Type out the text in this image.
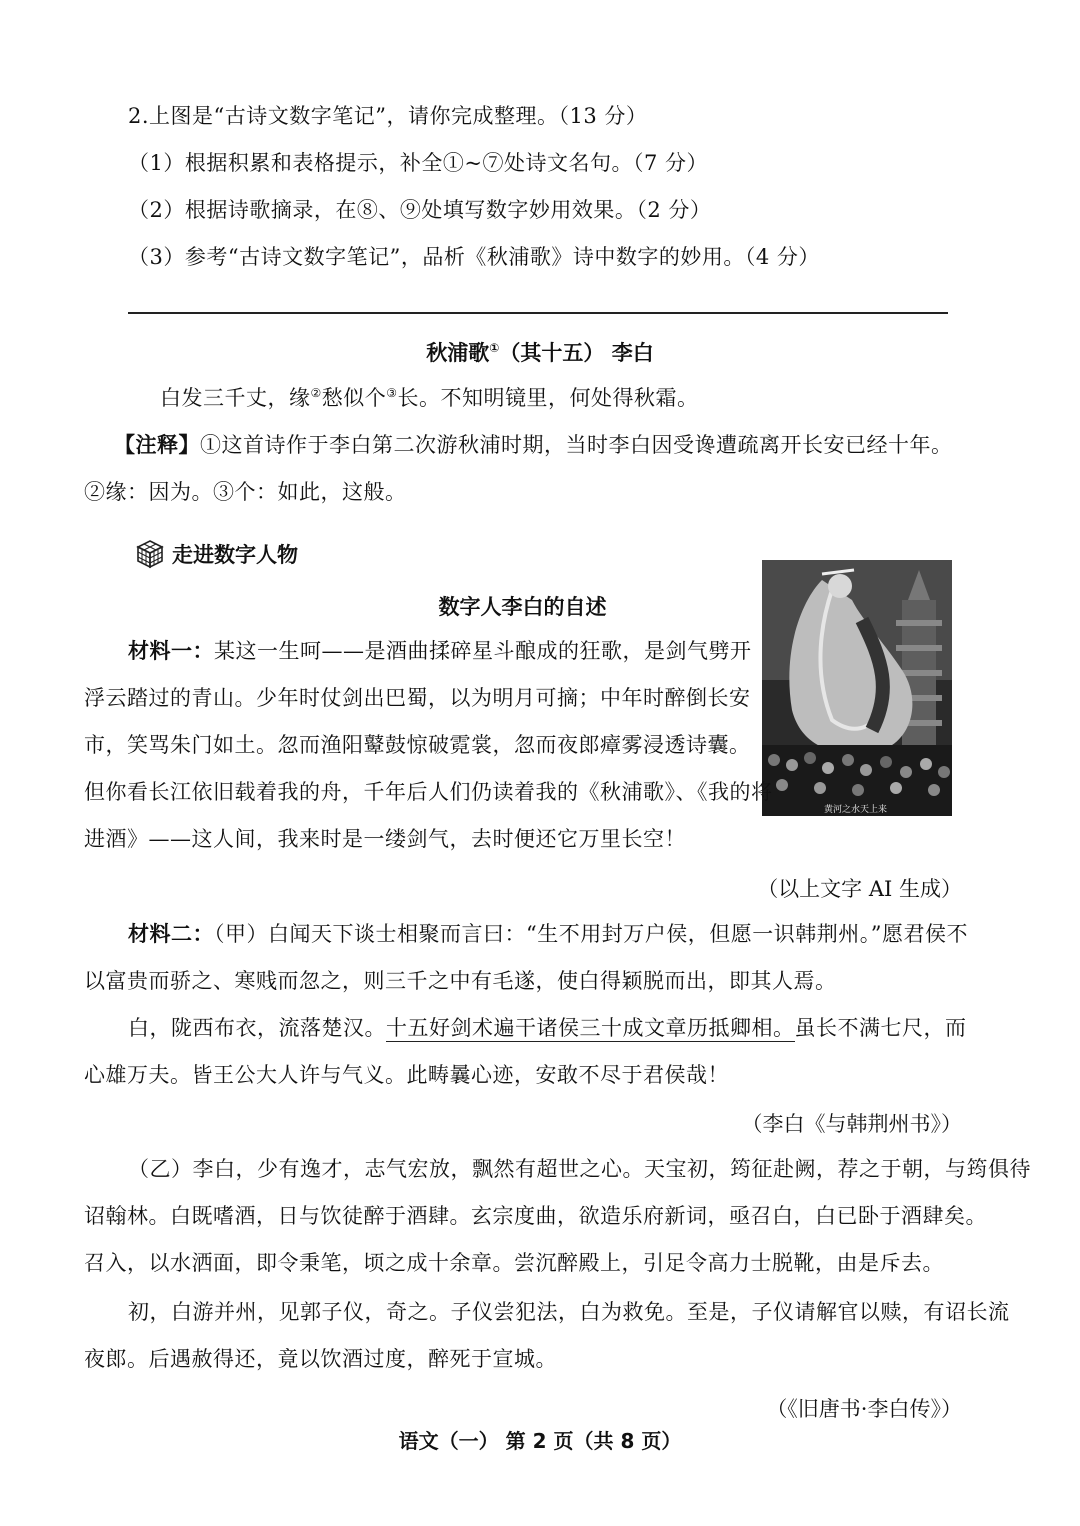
2.上图是“古诗文数字笔记”，请你完成整理。（13 分）
（1）根据积累和表格提示，补全①~⑦处诗文名句。（7 分）
（2）根据诗歌摘录，在⑧、⑨处填写数字妙用效果。（2 分）
（3）参考“古诗文数字笔记”，品析《秋浦歌》诗中数字的妙用。（4 分）
秋浦歌①（其十五） 李白
白发三千丈，缘②愁似个③长。不知明镜里，何处得秋霜。
【注释】①这首诗作于李白第二次游秋浦时期，当时李白因受谗遭疏离开长安已经十年。
②缘：因为。③个：如此，这般。
走进数字人物
数字人李白的自述
黄河之水天上来
材料一：某这一生呵——是酒曲揉碎星斗酿成的狂歌，是剑气劈开
浮云踏过的青山。少年时仗剑出巴蜀，以为明月可摘；中年时醉倒长安
市，笑骂朱门如土。忽而渔阳鼙鼓惊破霓裳，忽而夜郎瘴雾浸透诗囊。
但你看长江依旧载着我的舟，千年后人们仍读着我的《秋浦歌》、《我的将
进酒》——这人间，我来时是一缕剑气，去时便还它万里长空！
（以上文字 AI 生成）
材料二：（甲）白闻天下谈士相聚而言曰：“生不用封万户侯，但愿一识韩荆州。”愿君侯不
以富贵而骄之、寒贱而忽之，则三千之中有毛遂，使白得颖脱而出，即其人焉。
白，陇西布衣，流落楚汉。十五好剑术遍干诸侯三十成文章历抵卿相。虽长不满七尺，而
心雄万夫。皆王公大人许与气义。此畴曩心迹，安敢不尽于君侯哉！
（李白《与韩荆州书》）
（乙）李白，少有逸才，志气宏放，飘然有超世之心。天宝初，筠征赴阙，荐之于朝，与筠俱待
诏翰林。白既嗜酒，日与饮徒醉于酒肆。玄宗度曲，欲造乐府新词，亟召白，白已卧于酒肆矣。
召入，以水洒面，即令秉笔，顷之成十余章。尝沉醉殿上，引足令高力士脱靴，由是斥去。
初，白游并州，见郭子仪，奇之。子仪尝犯法，白为救免。至是，子仪请解官以赎，有诏长流
夜郎。后遇赦得还，竟以饮酒过度，醉死于宣城。
（《旧唐书·李白传》）
语文（一） 第 2 页（共 8 页）
